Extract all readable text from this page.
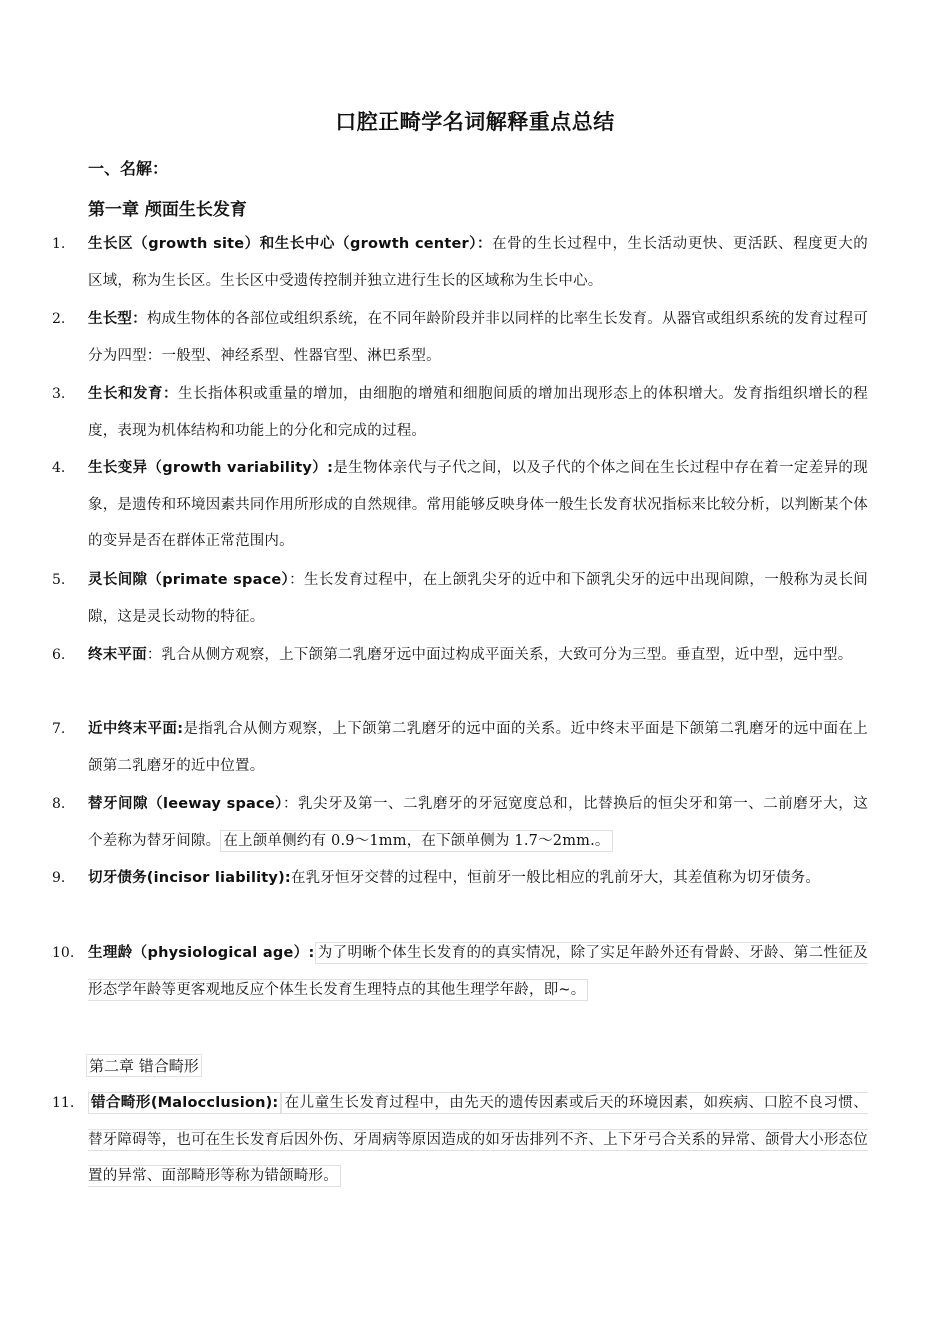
口腔正畸学名词解释重点总结
一、名解：
第一章 颅面生长发育
1. 生长区（growth site）和生长中心（growth center）：在骨的生长过程中，生长活动更快、更活跃、程度更大的区域，称为生长区。生长区中受遗传控制并独立进行生长的区域称为生长中心。
2. 生长型：构成生物体的各部位或组织系统，在不同年龄阶段并非以同样的比率生长发育。从器官或组织系统的发育过程可分为四型：一般型、神经系型、性器官型、淋巴系型。
3. 生长和发育：生长指体积或重量的增加，由细胞的增殖和细胞间质的增加出现形态上的体积增大。发育指组织增长的程度，表现为机体结构和功能上的分化和完成的过程。
4. 生长变异（growth variability）:是生物体亲代与子代之间，以及子代的个体之间在生长过程中存在着一定差异的现象，是遗传和环境因素共同作用所形成的自然规律。常用能够反映身体一般生长发育状况指标来比较分析，以判断某个体的变异是否在群体正常范围内。
5. 灵长间隙（primate space）：生长发育过程中，在上颌乳尖牙的近中和下颌乳尖牙的远中出现间隙，一般称为灵长间隙，这是灵长动物的特征。
6. 终末平面：乳合从侧方观察，上下颌第二乳磨牙远中面过构成平面关系，大致可分为三型。垂直型，近中型，远中型。
7. 近中终末平面:是指乳合从侧方观察，上下颌第二乳磨牙的远中面的关系。近中终末平面是下颌第二乳磨牙的远中面在上颌第二乳磨牙的近中位置。
8. 替牙间隙（leeway space）：乳尖牙及第一、二乳磨牙的牙冠宽度总和，比替换后的恒尖牙和第一、二前磨牙大，这个差称为替牙间隙。 在上颌单侧约有 0.9～1mm，在下颌单侧为 1.7～2mm.。
9. 切牙债务(incisor liability):在乳牙恒牙交替的过程中，恒前牙一般比相应的乳前牙大，其差值称为切牙债务。
10. 生理龄（physiological age）: 为了明晰个体生长发育的的真实情况，除了实足年龄外还有骨龄、牙龄、第二性征及形态学年龄等更客观地反应个体生长发育生理特点的其他生理学年龄，即~。
第二章 错合畸形
11. 错合畸形(Malocclusion): 在儿童生长发育过程中，由先天的遗传因素或后天的环境因素，如疾病、口腔不良习惯、替牙障碍等，也可在生长发育后因外伤、牙周病等原因造成的如牙齿排列不齐、上下牙弓合关系的异常、颌骨大小形态位置的异常、面部畸形等称为错颌畸形。
